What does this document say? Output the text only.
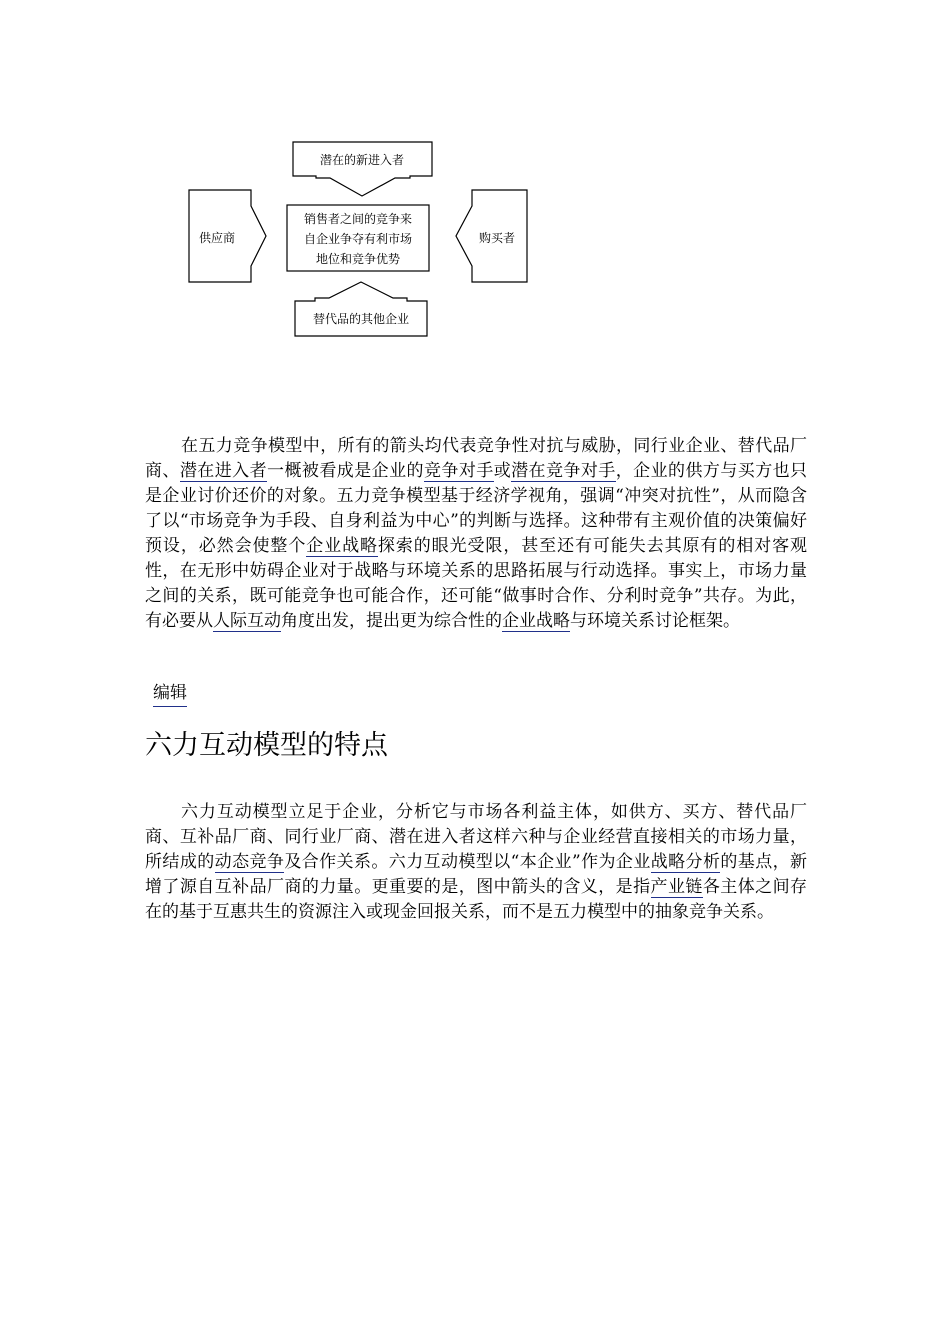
潜在的新进入者
供应商	购买者
销售者之间的竞争来
自企业争夺有利市场
地位和竞争优势
替代品的其他企业

在五力竞争模型中，所有的箭头均代表竞争性对抗与威胁，同行业企业、替代品厂商、潜在进入者一概被看成是企业的竞争对手或潜在竞争对手，企业的供方与买方也只是企业讨价还价的对象。五力竞争模型基于经济学视角，强调“冲突对抗性”，从而隐含了以“市场竞争为手段、自身利益为中心”的判断与选择。这种带有主观价值的决策偏好预设，必然会使整个企业战略探索的眼光受限，甚至还有可能失去其原有的相对客观性，在无形中妨碍企业对于战略与环境关系的思路拓展与行动选择。事实上，市场力量之间的关系，既可能竞争也可能合作，还可能“做事时合作、分利时竞争”共存。为此，有必要从人际互动角度出发，提出更为综合性的企业战略与环境关系讨论框架。

编辑
六力互动模型的特点

六力互动模型立足于企业，分析它与市场各利益主体，如供方、买方、替代品厂商、互补品厂商、同行业厂商、潜在进入者这样六种与企业经营直接相关的市场力量，所结成的动态竞争及合作关系。六力互动模型以“本企业”作为企业战略分析的基点，新增了源自互补品厂商的力量。更重要的是，图中箭头的含义，是指产业链各主体之间存在的基于互惠共生的资源注入或现金回报关系，而不是五力模型中的抽象竞争关系。
